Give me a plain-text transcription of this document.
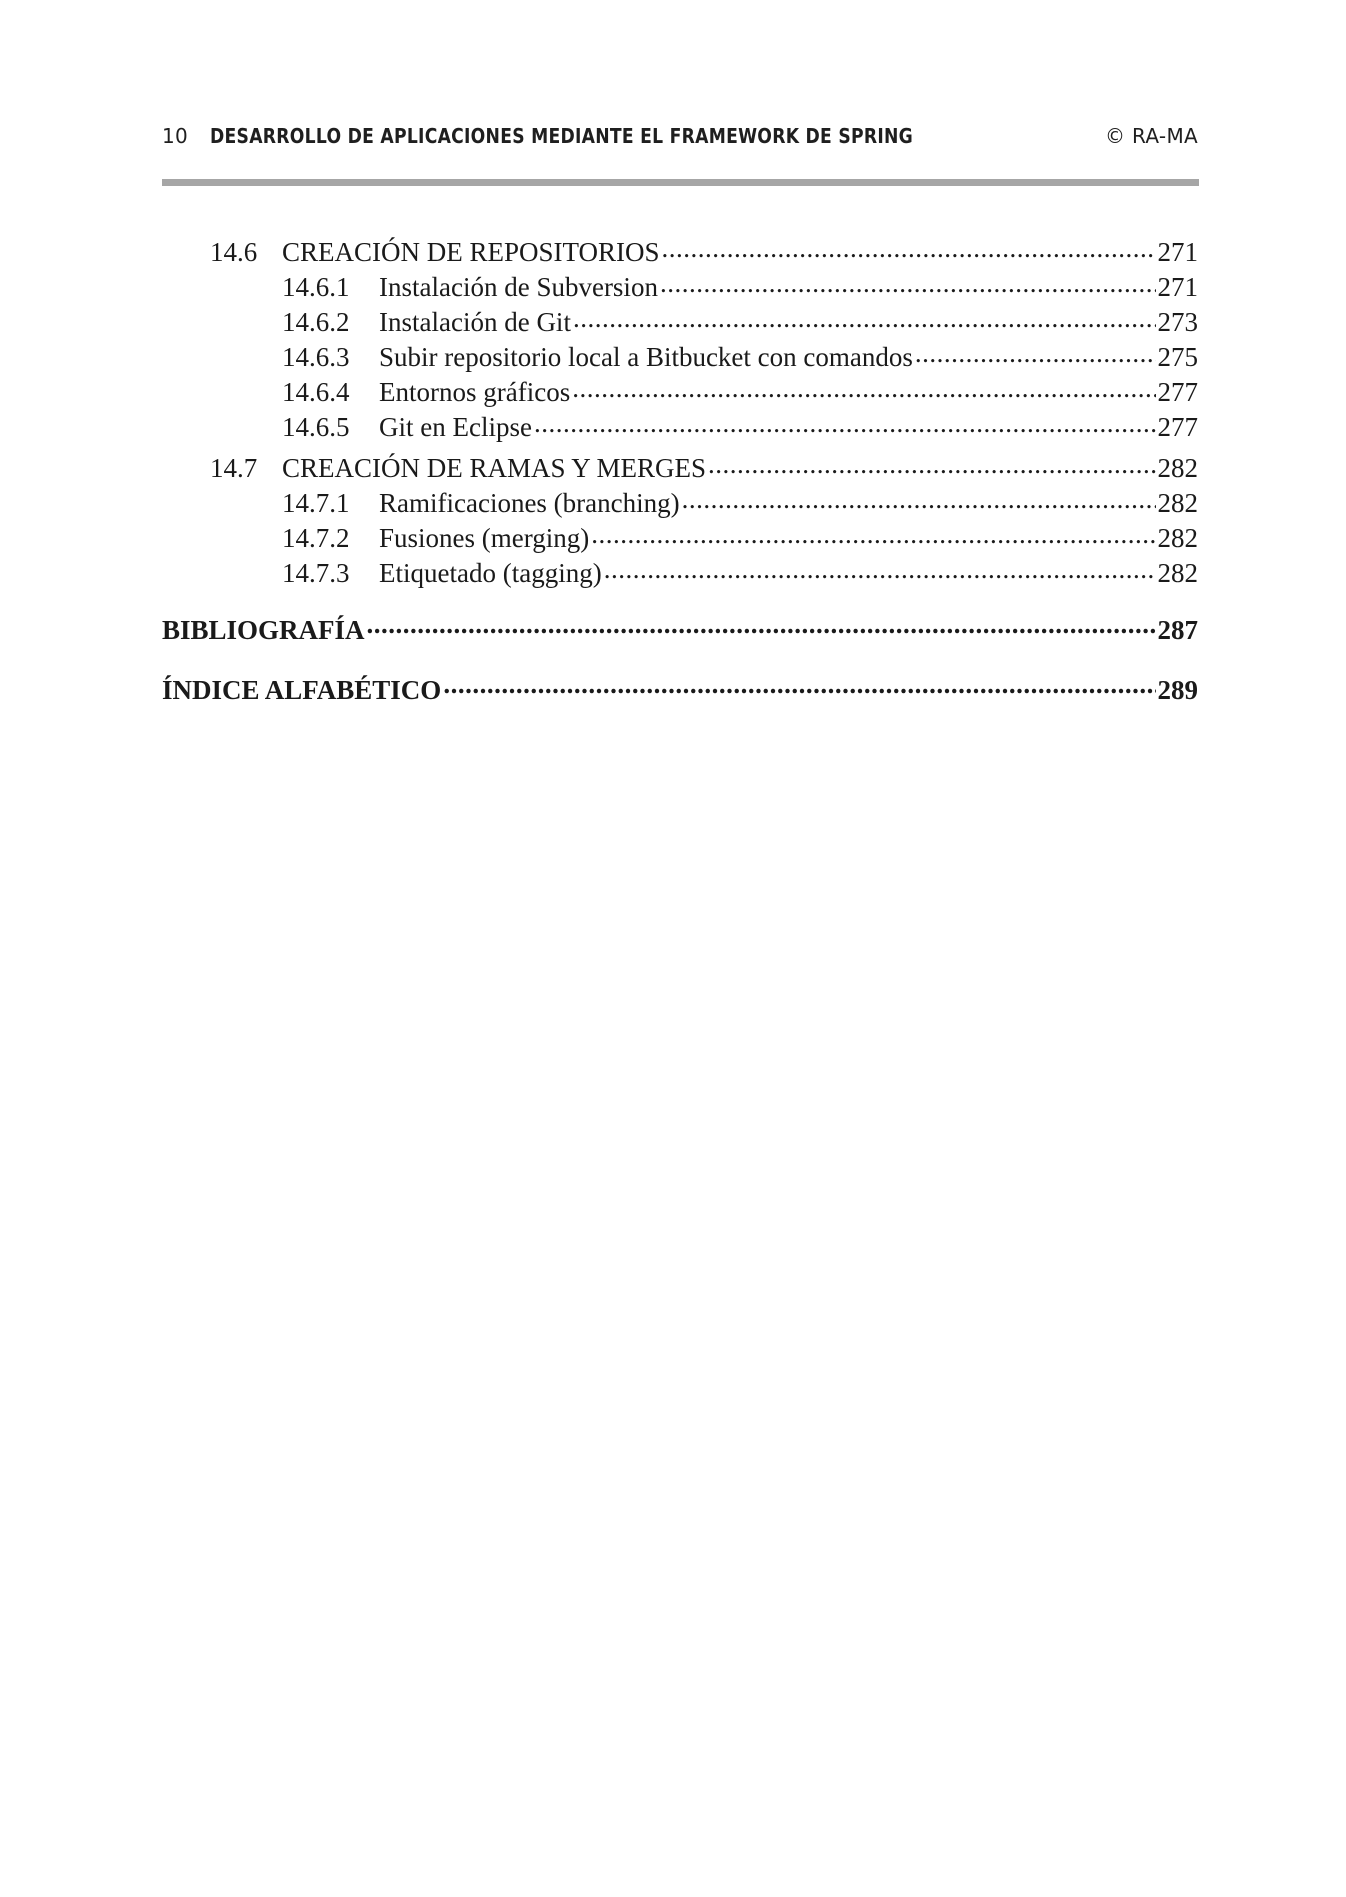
10 DESARROLLO DE APLICACIONES MEDIANTE EL FRAMEWORK DE SPRING	© RA-MA
14.6 CREACIÓN DE REPOSITORIOS .....	271
14.6.1	Instalación de Subversion .....	271
14.6.2	Instalación de Git .....	273
14.6.3	Subir repositorio local a Bitbucket con comandos .....	275
14.6.4	Entornos gráficos .....	277
14.6.5	Git en Eclipse .....	277
14.7 CREACIÓN DE RAMAS Y MERGES .....	282
14.7.1	Ramificaciones (branching) .....	282
14.7.2	Fusiones (merging) .....	282
14.7.3	Etiquetado (tagging) .....	282
BIBLIOGRAFÍA .....	287
ÍNDICE ALFABÉTICO .....	289
